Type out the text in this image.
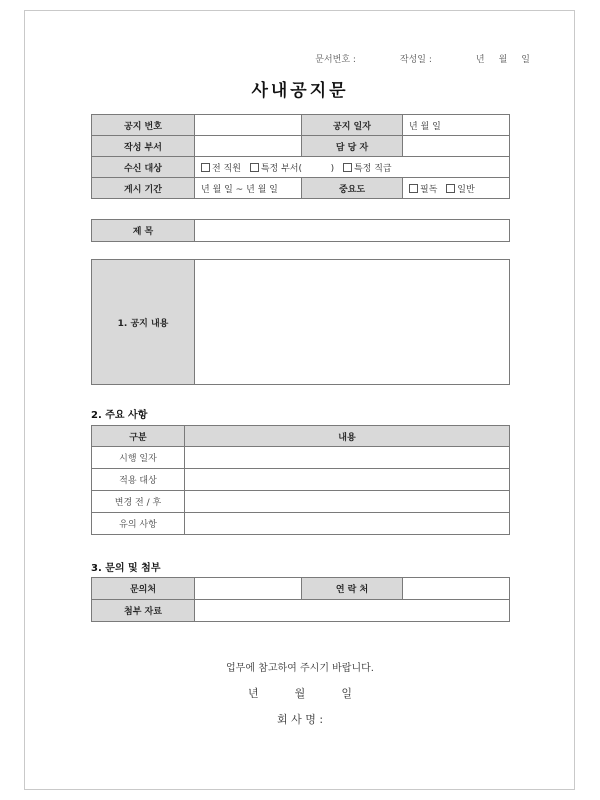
문서번호 :	작성일 :	년 월 일
사내공지문
공지 번호		공지 일자	년 월 일
작성 부서		담 당 자	
수신 대상	전 직원 특정 부서(          ) 특정 직급		
게시 기간	년 월 일 ~ 년 월 일	중요도	필독 일반
제 목	
1. 공지 내용	
2. 주요 사항
구분	내용
시행 일자	
적용 대상	
변경 전 / 후	
유의 사항	
3. 문의 및 첨부
문의처		연 락 처	
첨부 자료			
업무에 참고하여 주시기 바랍니다.
년	월	일
회 사 명 :
